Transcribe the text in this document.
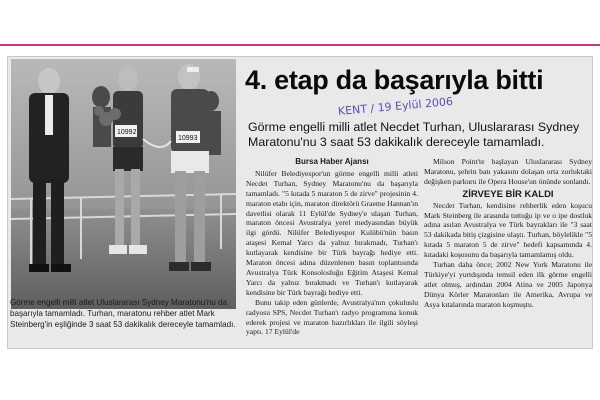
10992
10993
Görme engelli milli atlet Uluslararası Sydney Maratonu'nu da başarıyla tamamladı. Turhan, maratonu rehber atlet Mark Steinberg'in eşliğinde 3 saat 53 dakikalık dereceyle tamamladı.
4. etap da başarıyla bitti
KENT / 19 Eylül 2006
Görme engelli milli atlet Necdet Turhan, Uluslararası Sydney Maratonu'nu 3 saat 53 dakikalık dereceyle tamamladı.
Bursa Haber Ajansı

Nilüfer Belediyespor'un görme engelli milli atleti Necdet Turhan, Sydney Maratonu'nu da başarıyla tamamladı. "5 kıtada 5 maraton 5 de zirve" projesinin 4. maraton etabı için, maraton direktörü Graeme Hannan'ın davetlisi olarak 11 Eylül'de Sydney'e ulaşan Turhan, maraton öncesi Avustralya yerel medyasından büyük ilgi gördü. Nilüfer Belediyespor Kulübü'nün basın ataşesi Kemal Yarcı da yalnız bırakmadı, Turhan'ı kutlayarak kendisine bir Türk bayrağı hediye etti. Maraton öncesi adına düzenlenen basın toplantısında Avustralya Türk Konsolosluğu Eğitim Ataşesi Kemal Yarcı da yalnız bırakmadı ve Turhan'ı kutlayarak kendisine bir Türk bayrağı hediye etti.

Bunu takip eden günlerde, Avustralya'nın çokuluslu radyosu SPS, Necdet Turhan'ı radyo programına konuk ederek projesi ve maraton hazırlıkları ile ilgili söyleşi yaptı. 17 Eylül'de

Milson Point'te başlayan Uluslararası Sydney Maratonu, şehrin batı yakasını dolaşan orta zorluktaki değişken parkuru ile Opera House'un önünde sonlandı.

ZİRVEYE BİR KALDI

Necdet Turhan, kendisine rehberlik eden koşucu Mark Steinberg ile arasında tuttuğu ip ve o ipe dostluk adına asılan Avustralya ve Türk bayrakları ile "3 saat 53 dakikada bitiş çizgisine ulaştı. Turhan, böylelikle "5 kıtada 5 maraton 5 de zirve" hedefi kapsamında 4. kıtadaki koşusunu da başarıyla tamamlamış oldu.

Turhan daha önce; 2002 New York Maratonu ile Türkiye'yi yurtdışında temsil eden ilk görme engelli atlet olmuş, ardından 2004 Atina ve 2005 Japonya Dünya Körler Maratonları ile Amerika, Avrupa ve Asya kıtalarında maraton koşmuştu.
